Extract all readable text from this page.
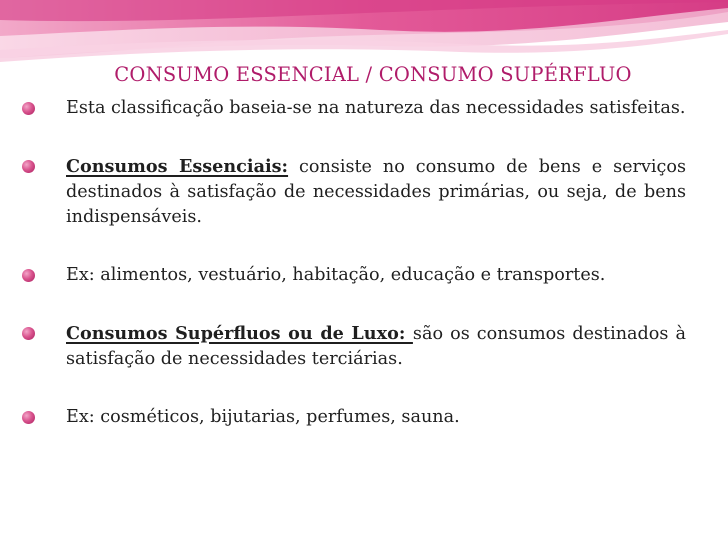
CONSUMO ESSENCIAL / CONSUMO SUPÉRFLUO
Esta classificação baseia-se na natureza das necessidades satisfeitas.
Consumos Essenciais: consiste no consumo de bens e serviços destinados à satisfação de necessidades primárias, ou seja, de bens indispensáveis.
Ex: alimentos, vestuário, habitação, educação e transportes.
Consumos Supérfluos ou de Luxo: são os consumos destinados à satisfação de necessidades terciárias.
Ex: cosméticos, bijutarias, perfumes, sauna.
